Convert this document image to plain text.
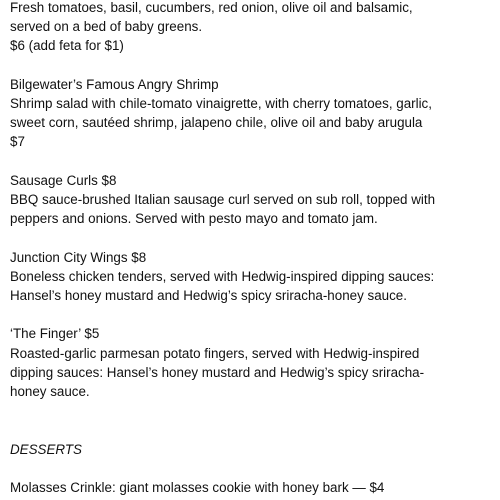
Fresh tomatoes, basil, cucumbers, red onion, olive oil and balsamic,
served on a bed of baby greens.
$6 (add feta for $1)
Bilgewater’s Famous Angry Shrimp
Shrimp salad with chile-tomato vinaigrette, with cherry tomatoes, garlic,
sweet corn, sautéed shrimp, jalapeno chile, olive oil and baby arugula
$7
Sausage Curls $8
BBQ sauce-brushed Italian sausage curl served on sub roll, topped with
peppers and onions. Served with pesto mayo and tomato jam.
Junction City Wings $8
Boneless chicken tenders, served with Hedwig-inspired dipping sauces:
Hansel’s honey mustard and Hedwig’s spicy sriracha-honey sauce.
‘The Finger’ $5
Roasted-garlic parmesan potato fingers, served with Hedwig-inspired
dipping sauces: Hansel’s honey mustard and Hedwig’s spicy sriracha-
honey sauce.
DESSERTS
Molasses Crinkle: giant molasses cookie with honey bark — $4
